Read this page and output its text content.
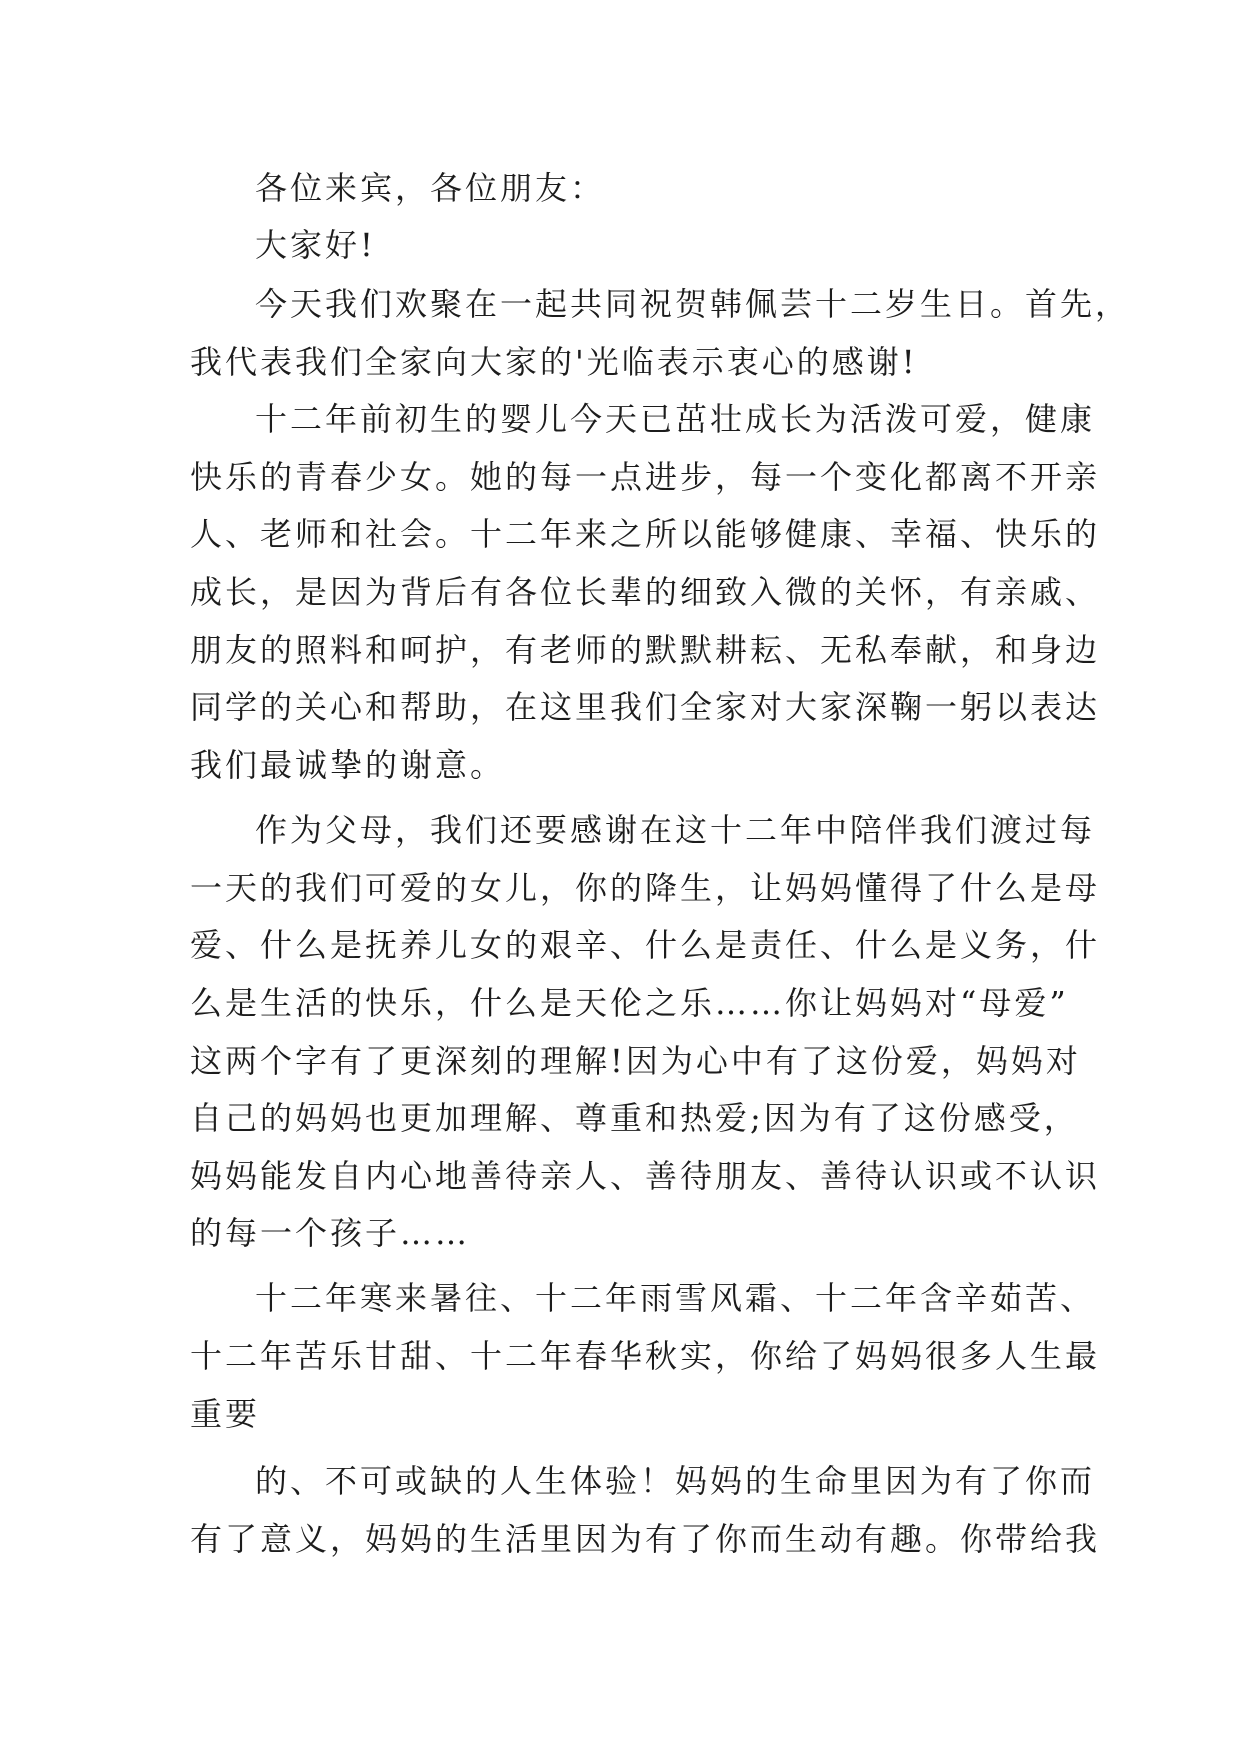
各位来宾，各位朋友：
大家好!
今天我们欢聚在一起共同祝贺韩佩芸十二岁生日。首先，
我代表我们全家向大家的'光临表示衷心的感谢!
十二年前初生的婴儿今天已茁壮成长为活泼可爱，健康
快乐的青春少女。她的每一点进步，每一个变化都离不开亲
人、老师和社会。十二年来之所以能够健康、幸福、快乐的
成长，是因为背后有各位长辈的细致入微的关怀，有亲戚、
朋友的照料和呵护，有老师的默默耕耘、无私奉献，和身边
同学的关心和帮助，在这里我们全家对大家深鞠一躬以表达
我们最诚挚的谢意。
作为父母，我们还要感谢在这十二年中陪伴我们渡过每
一天的我们可爱的女儿，你的降生，让妈妈懂得了什么是母
爱、什么是抚养儿女的艰辛、什么是责任、什么是义务，什
么是生活的快乐，什么是天伦之乐……你让妈妈对“母爱”
这两个字有了更深刻的理解!因为心中有了这份爱，妈妈对
自己的妈妈也更加理解、尊重和热爱;因为有了这份感受，
妈妈能发自内心地善待亲人、善待朋友、善待认识或不认识
的每一个孩子……
十二年寒来暑往、十二年雨雪风霜、十二年含辛茹苦、
十二年苦乐甘甜、十二年春华秋实，你给了妈妈很多人生最
重要
的、不可或缺的人生体验！妈妈的生命里因为有了你而
有了意义，妈妈的生活里因为有了你而生动有趣。你带给我
